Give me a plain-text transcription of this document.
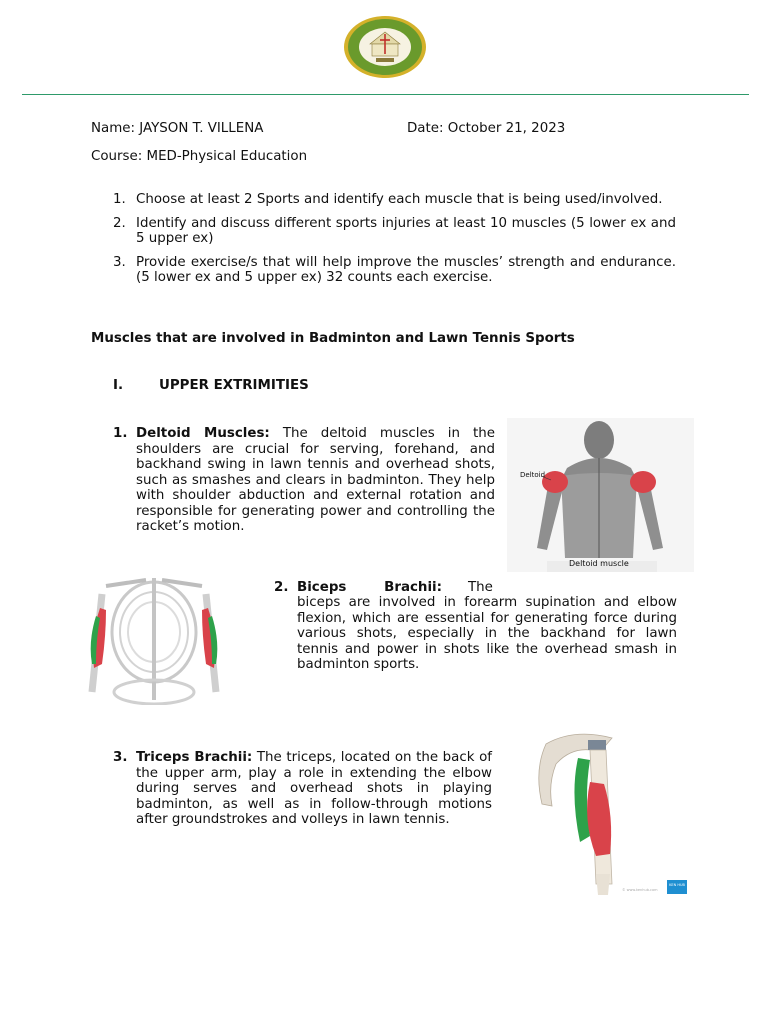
Name: JAYSON T. VILLENA	Date: October 21, 2023
Course: MED-Physical Education
1. Choose at least 2 Sports and identify each muscle that is being used/involved.
2. Identify and discuss different sports injuries at least 10 muscles (5 lower ex and 5 upper ex)
3. Provide exercise/s that will help improve the muscles’ strength and endurance. (5 lower ex and 5 upper ex) 32 counts each exercise.
Muscles that are involved in Badminton and Lawn Tennis Sports
I.	UPPER EXTRIMITIES
1. Deltoid Muscles: The deltoid muscles in the shoulders are crucial for serving, forehand, and backhand swing in lawn tennis and overhead shots, such as smashes and clears in badminton. They help with shoulder abduction and external rotation and responsible for generating power and controlling the racket’s motion.
Deltoid
Deltoid muscle
2. Biceps Brachii: The
biceps are involved in forearm supination and elbow flexion, which are essential for generating force during various shots, especially in the backhand for lawn tennis and power in shots like the overhead smash in badminton sports.
3. Triceps Brachii: The triceps, located on the back of the upper arm, play a role in extending the elbow during serves and overhead shots in playing badminton, as well as in follow-through motions after groundstrokes and volleys in lawn tennis.
KEN HUB
© www.kenhub.com
